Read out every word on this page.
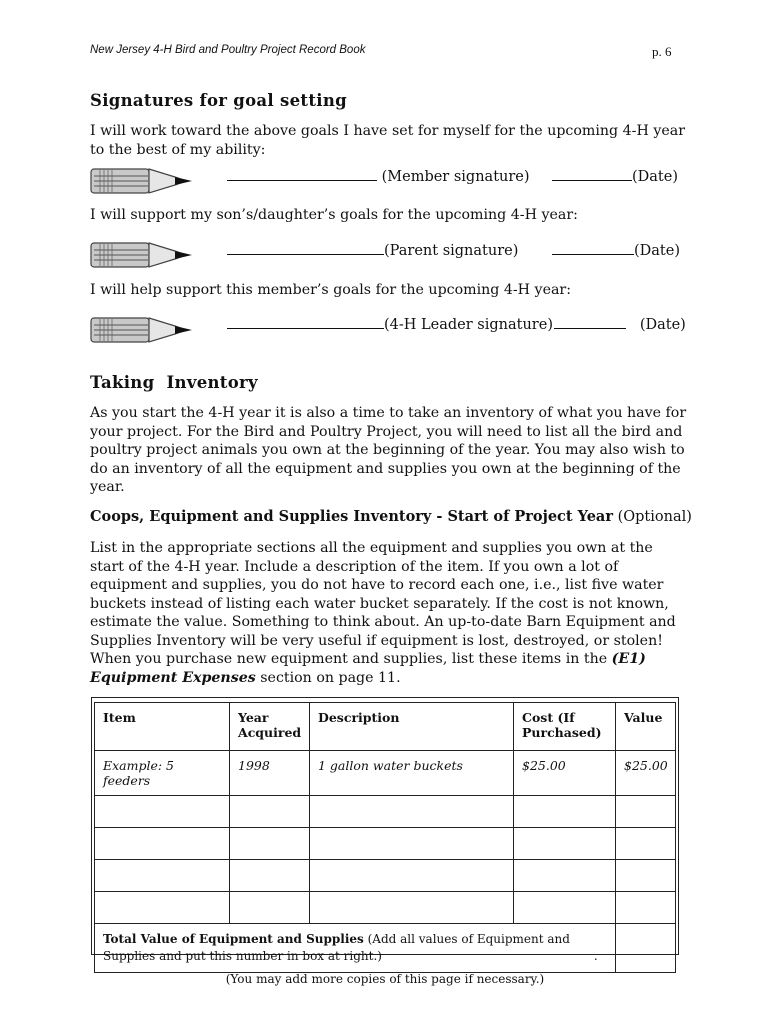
New Jersey 4-H Bird and Poultry Project Record Book	p. 6
Signatures for goal setting

I will work toward the above goals I have set for myself for the upcoming 4-H year to the best of my ability:

(Member signature)	(Date)

I will support my son’s/daughter’s goals for the upcoming 4-H year:

(Parent signature)	(Date)

I will help support this member’s goals for the upcoming 4-H year:

(4-H Leader signature)	(Date)
Taking  Inventory

As you start the 4-H year it is also a time to take an inventory of what you have for your project. For the Bird and Poultry Project, you will need to list all the bird and poultry project animals you own at the beginning of the year. You may also wish to do an inventory of all the equipment and supplies you own at the beginning of the year.

Coops, Equipment and Supplies Inventory - Start of Project Year (Optional)

List in the appropriate sections all the equipment and supplies you own at the start of the 4-H year. Include a description of the item. If you own a lot of equipment and supplies, you do not have to record each one, i.e., list five water buckets instead of listing each water bucket separately. If the cost is not known, estimate the value. Something to think about. An up-to-date Barn Equipment and Supplies Inventory will be very useful if equipment is lost, destroyed, or stolen! When you purchase new equipment and supplies, list these items in the (E1) Equipment Expenses section on page 11.

Item	Year Acquired	Description	Cost (If Purchased)	Value
Example: 5 feeders	1998	1 gallon water buckets	$25.00	$25.00

Total Value of Equipment and Supplies (Add all values of Equipment and Supplies and put this number in box at right.) .				
(You may add more copies of this page if necessary.)
